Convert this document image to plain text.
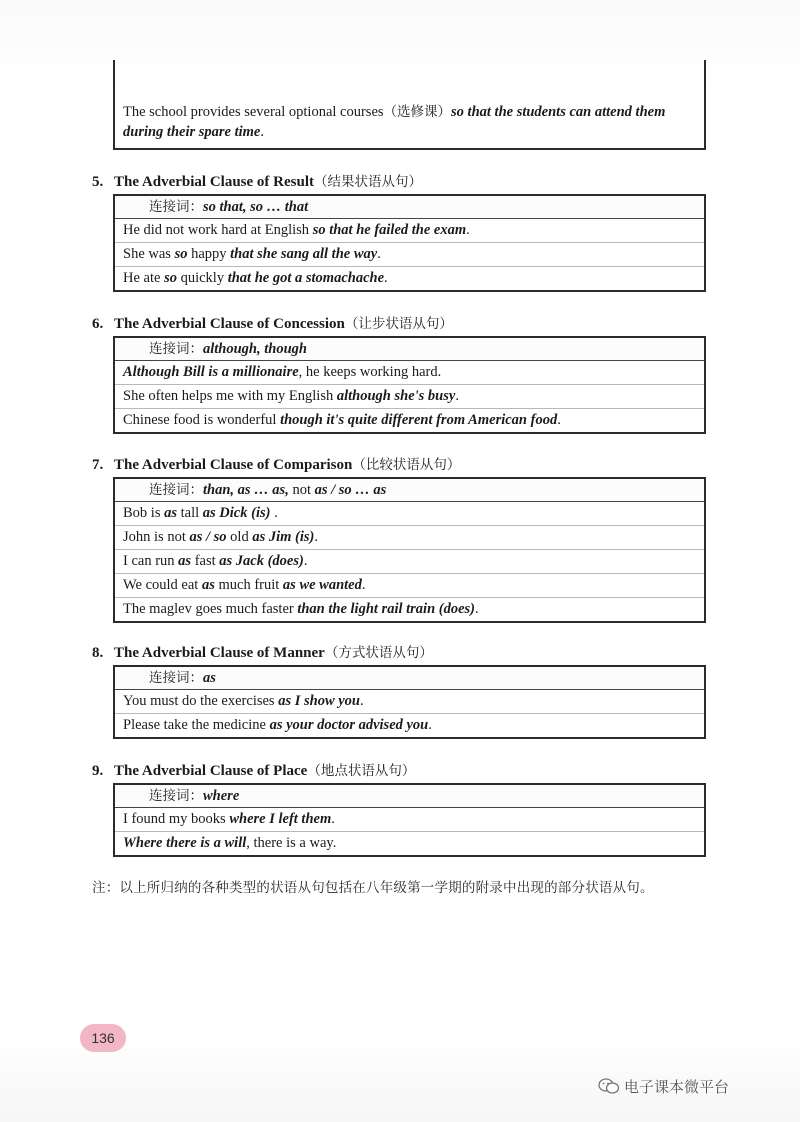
The school provides several optional courses（选修课）so that the students can attend them
during their spare time.
5. The Adverbial Clause of Result（结果状语从句）
连接词：so that, so … that
He did not work hard at English so that he failed the exam.
She was so happy that she sang all the way.
He ate so quickly that he got a stomachache.
6. The Adverbial Clause of Concession（让步状语从句）
连接词：although, though
Although Bill is a millionaire, he keeps working hard.
She often helps me with my English although she's busy.
Chinese food is wonderful though it's quite different from American food.
7. The Adverbial Clause of Comparison（比较状语从句）
连接词：than, as … as, not as / so … as
Bob is as tall as Dick (is) .
John is not as / so old as Jim (is).
I can run as fast as Jack (does).
We could eat as much fruit as we wanted.
The maglev goes much faster than the light rail train (does).
8. The Adverbial Clause of Manner（方式状语从句）
连接词：as
You must do the exercises as I show you.
Please take the medicine as your doctor advised you.
9. The Adverbial Clause of Place（地点状语从句）
连接词：where
I found my books where I left them.
Where there is a will, there is a way.
注：以上所归纳的各种类型的状语从句包括在八年级第一学期的附录中出现的部分状语从句。
136
电子课本微平台
